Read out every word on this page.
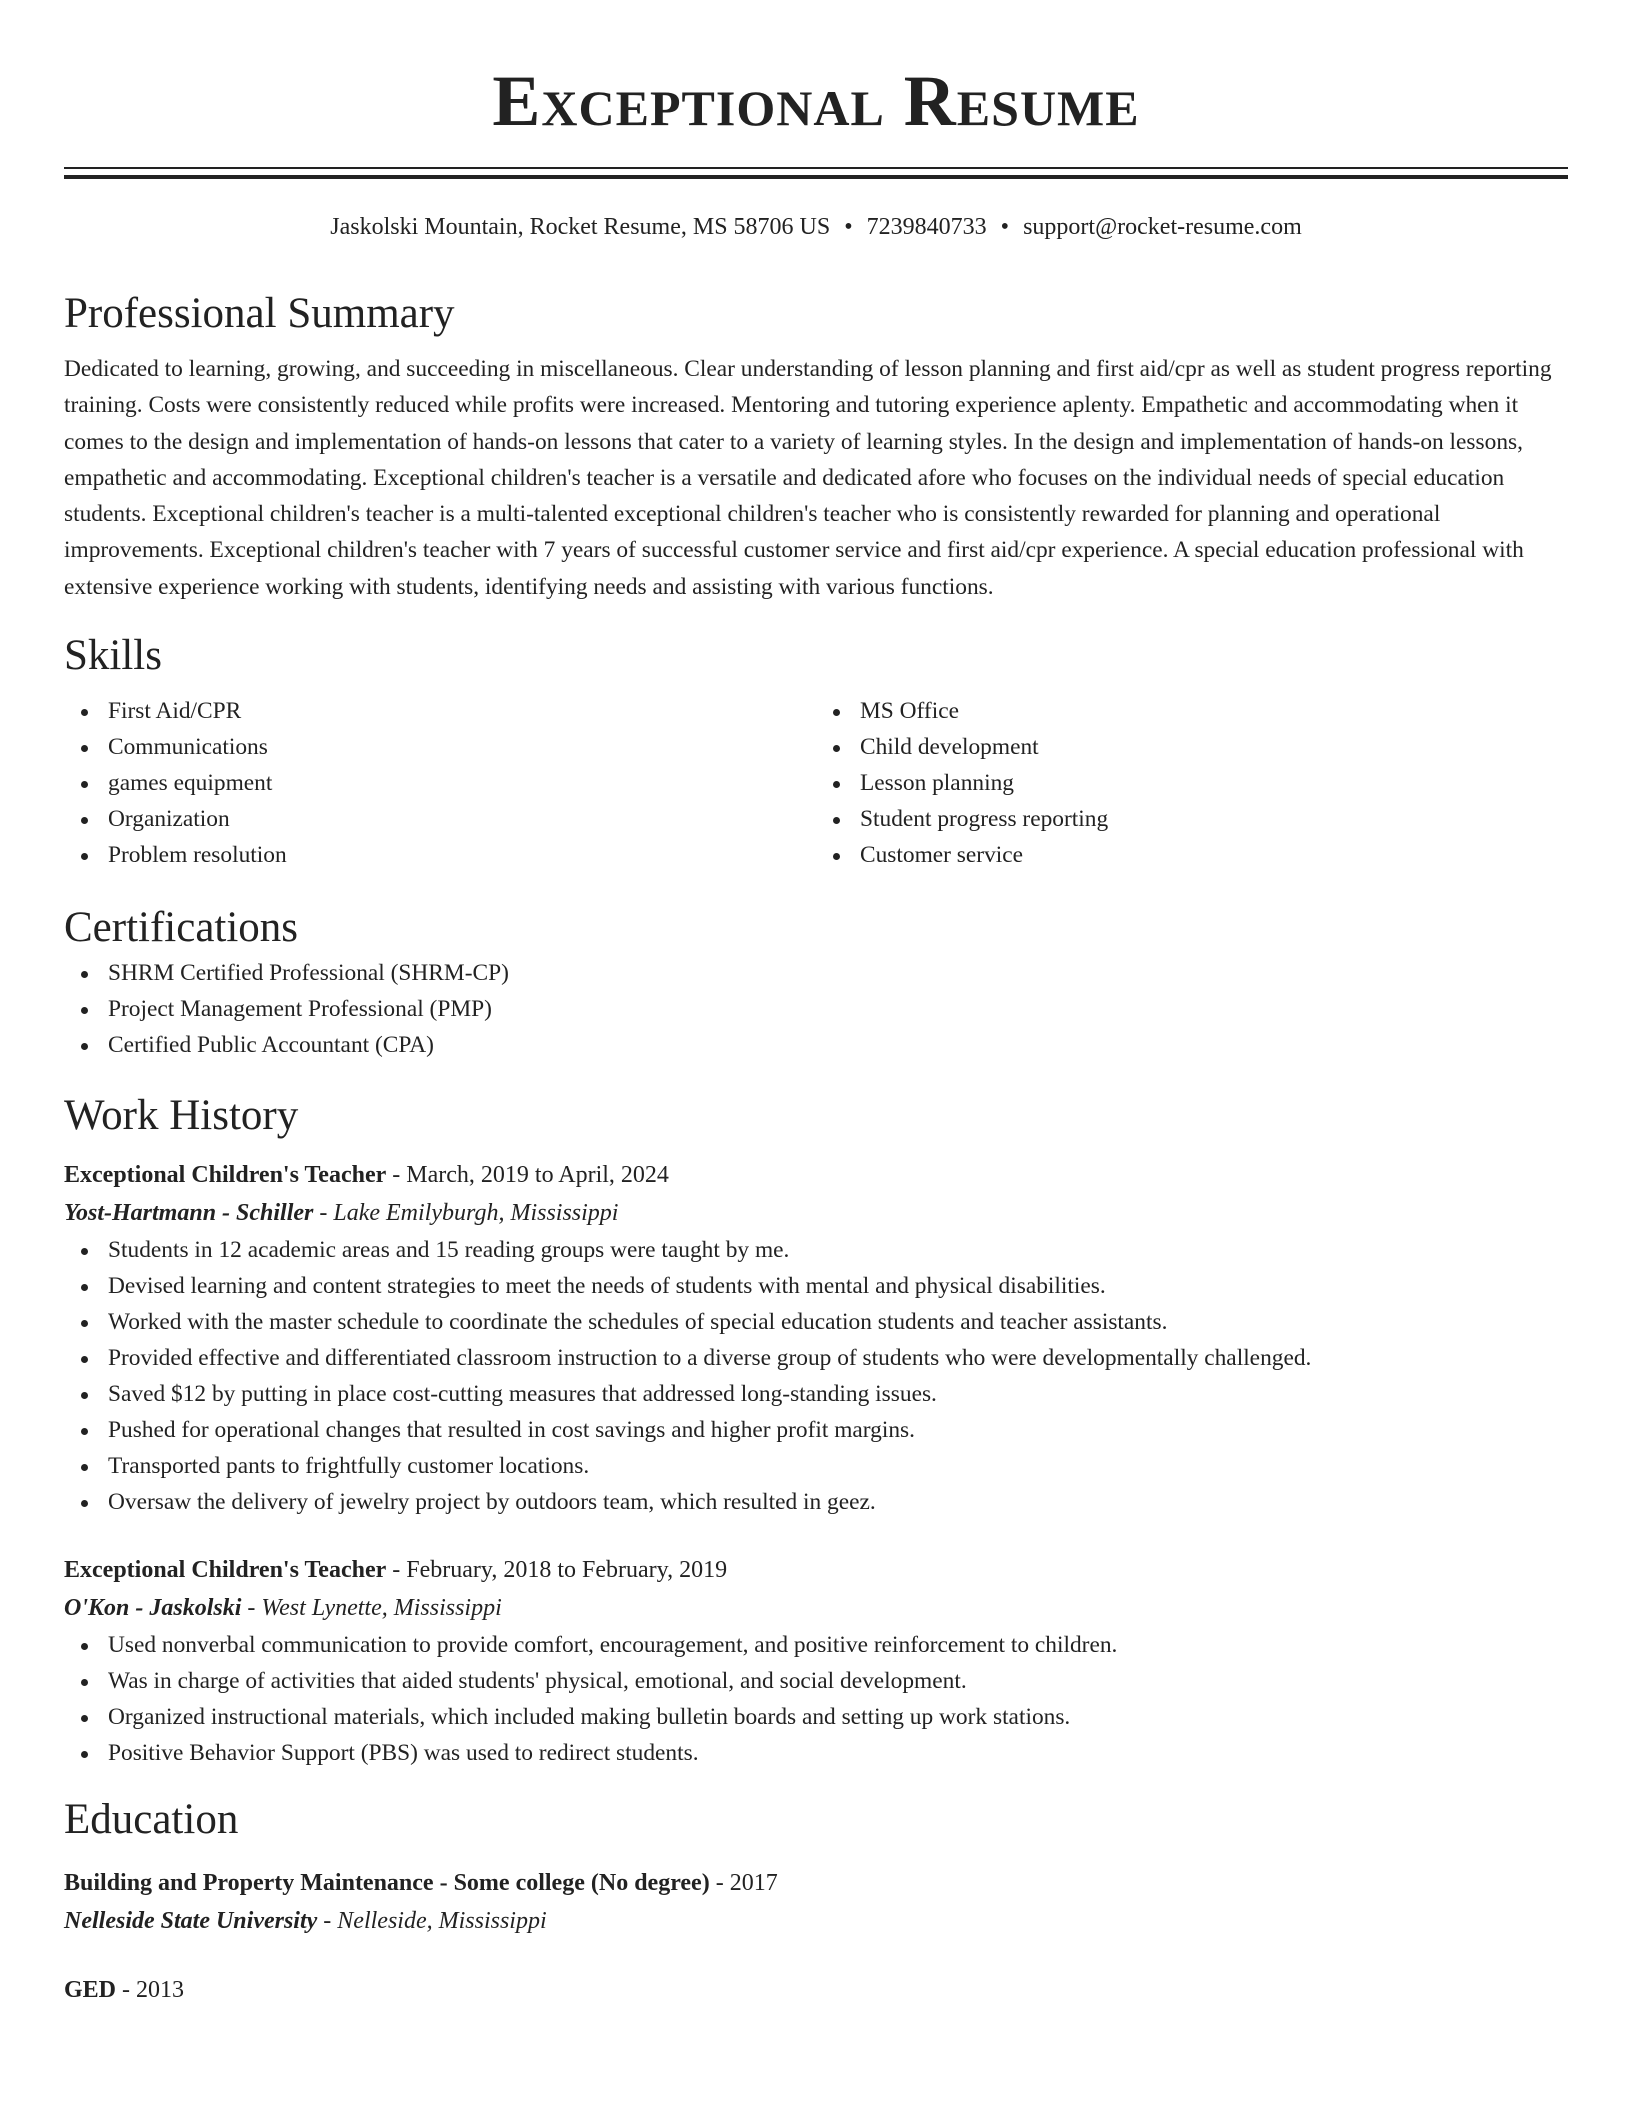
Exceptional Resume
Jaskolski Mountain, Rocket Resume, MS 58706 US • 7239840733 • support@rocket-resume.com
Professional Summary
Dedicated to learning, growing, and succeeding in miscellaneous. Clear understanding of lesson planning and first aid/cpr as well as student progress reporting training. Costs were consistently reduced while profits were increased. Mentoring and tutoring experience aplenty. Empathetic and accommodating when it comes to the design and implementation of hands-on lessons that cater to a variety of learning styles. In the design and implementation of hands-on lessons, empathetic and accommodating. Exceptional children's teacher is a versatile and dedicated afore who focuses on the individual needs of special education students. Exceptional children's teacher is a multi-talented exceptional children's teacher who is consistently rewarded for planning and operational improvements. Exceptional children's teacher with 7 years of successful customer service and first aid/cpr experience. A special education professional with extensive experience working with students, identifying needs and assisting with various functions.
Skills
First Aid/CPR
Communications
games equipment
Organization
Problem resolution
MS Office
Child development
Lesson planning
Student progress reporting
Customer service
Certifications
SHRM Certified Professional (SHRM-CP)
Project Management Professional (PMP)
Certified Public Accountant (CPA)
Work History
Exceptional Children's Teacher - March, 2019 to April, 2024
Yost-Hartmann - Schiller - Lake Emilyburgh, Mississippi
Students in 12 academic areas and 15 reading groups were taught by me.
Devised learning and content strategies to meet the needs of students with mental and physical disabilities.
Worked with the master schedule to coordinate the schedules of special education students and teacher assistants.
Provided effective and differentiated classroom instruction to a diverse group of students who were developmentally challenged.
Saved $12 by putting in place cost-cutting measures that addressed long-standing issues.
Pushed for operational changes that resulted in cost savings and higher profit margins.
Transported pants to frightfully customer locations.
Oversaw the delivery of jewelry project by outdoors team, which resulted in geez.
Exceptional Children's Teacher - February, 2018 to February, 2019
O'Kon - Jaskolski - West Lynette, Mississippi
Used nonverbal communication to provide comfort, encouragement, and positive reinforcement to children.
Was in charge of activities that aided students' physical, emotional, and social development.
Organized instructional materials, which included making bulletin boards and setting up work stations.
Positive Behavior Support (PBS) was used to redirect students.
Education
Building and Property Maintenance - Some college (No degree) - 2017
Nelleside State University - Nelleside, Mississippi
GED - 2013
